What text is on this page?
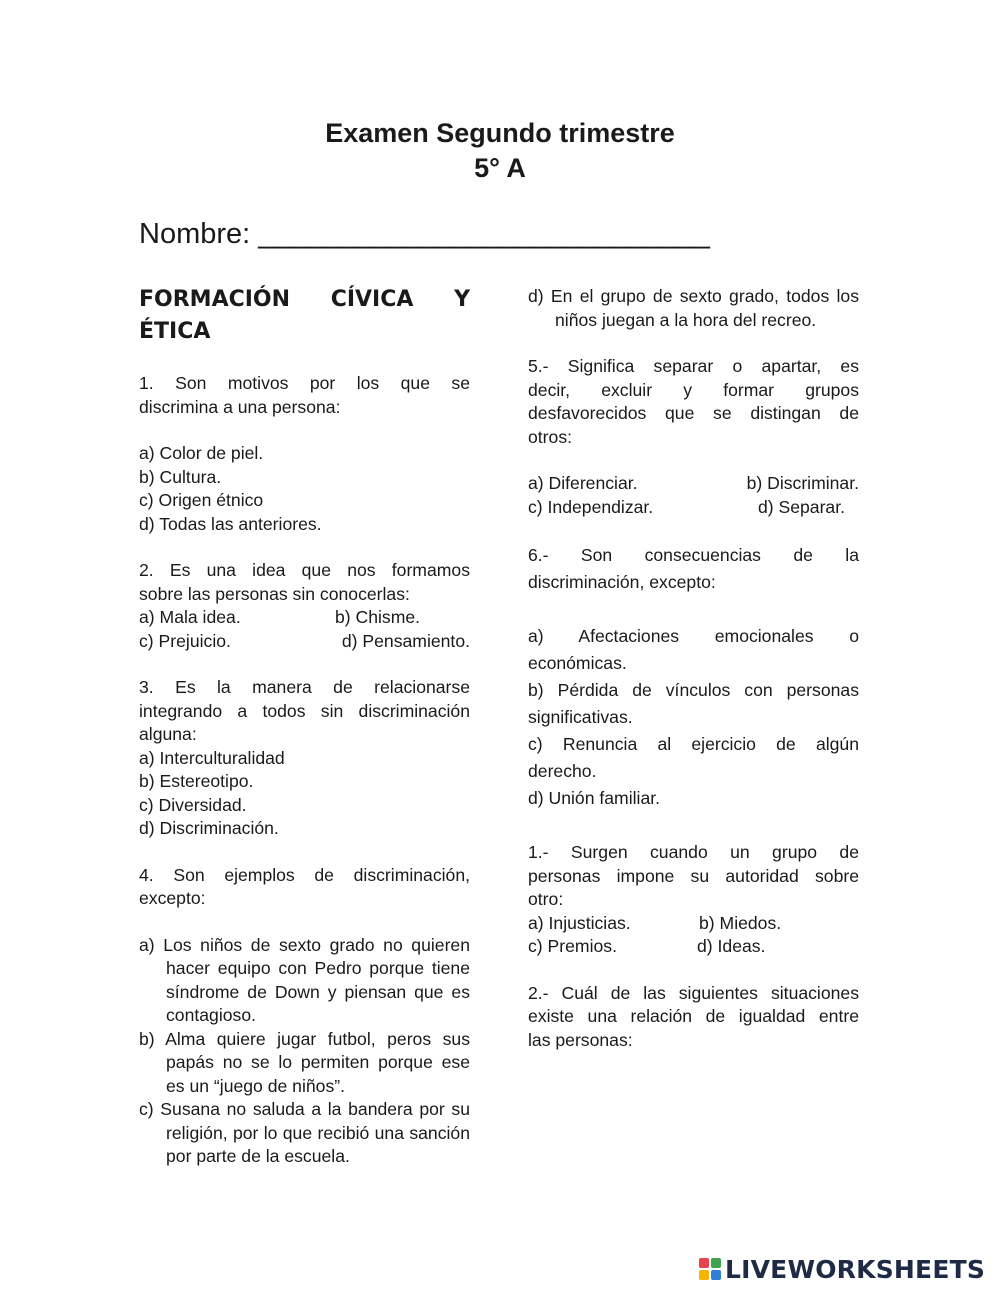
Examen Segundo trimestre
5° A
Nombre: ____________________________
FORMACIÓN CÍVICA Y
ÉTICA

1. Son motivos por los que se

discrimina a una persona:

a) Color de piel.

b) Cultura.

c) Origen étnico

d) Todas las anteriores.

2. Es una idea que nos formamos

sobre las personas sin conocerlas:

a) Mala idea.	b) Chisme.
c) Prejuicio.	d) Pensamiento.

3. Es la manera de relacionarse

integrando a todos sin discriminación

alguna:

a) Interculturalidad

b) Estereotipo.

c) Diversidad.

d) Discriminación.

4. Son ejemplos de discriminación,

excepto:

a) Los niños de sexto grado no quieren hacer equipo con Pedro porque tiene síndrome de Down y piensan que es contagioso.

b) Alma quiere jugar futbol, peros sus papás no se lo permiten porque ese es un “juego de niños”.

c) Susana no saluda a la bandera por su religión, por lo que recibió una sanción por parte de la escuela.

d) En el grupo de sexto grado, todos los niños juegan a la hora del recreo.

5.- Significa separar o apartar, es

decir, excluir y formar grupos

desfavorecidos que se distingan de

otros:

a) Diferenciar.	b) Discriminar.
c) Independizar.	d) Separar.

6.- Son consecuencias de la

discriminación, excepto:

a) Afectaciones emocionales o

económicas.

b) Pérdida de vínculos con personas

significativas.

c) Renuncia al ejercicio de algún

derecho.

d) Unión familiar.

1.- Surgen cuando un grupo de

personas impone su autoridad sobre

otro:

a) Injusticias.	b) Miedos.
c) Premios.	d) Ideas.

2.- Cuál de las siguientes situaciones

existe una relación de igualdad entre

las personas:

LIVEWORKSHEETS
